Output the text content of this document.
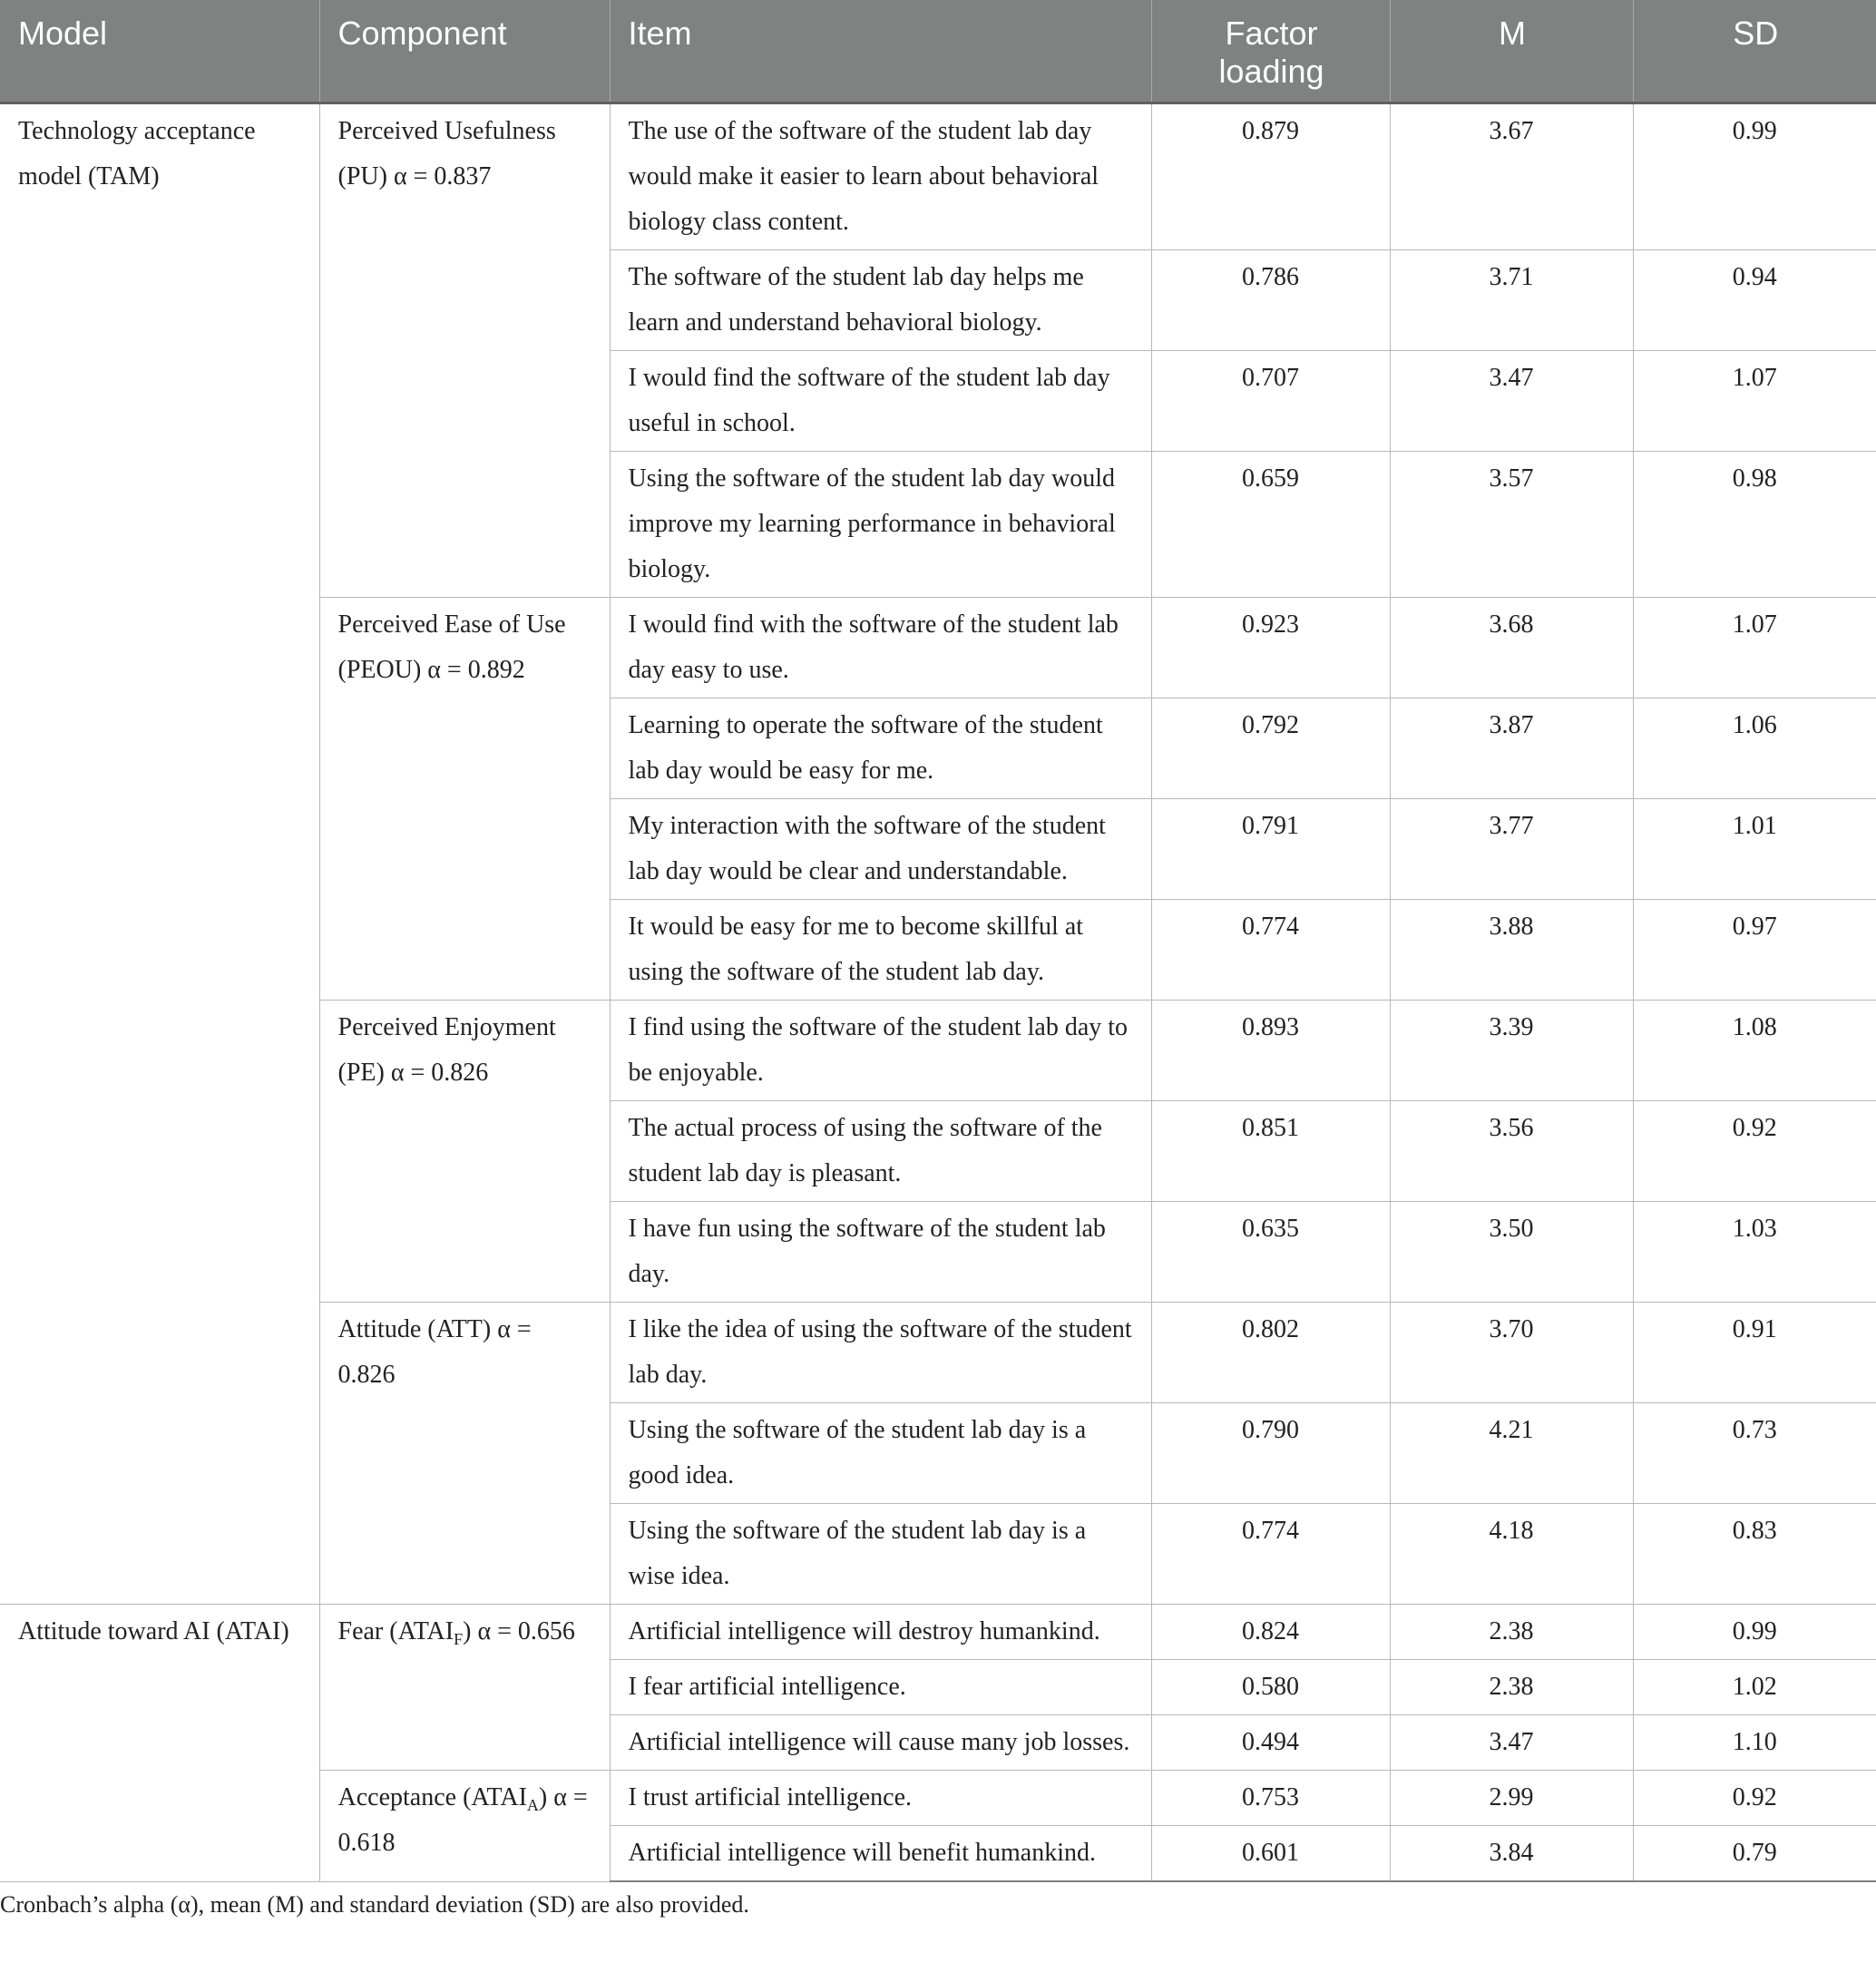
Model	Component	Item	Factor loading	M	SD
Technology acceptance model (TAM)	Perceived Usefulness (PU) α = 0.837	The use of the software of the student lab day would make it easier to learn about behavioral biology class content.	0.879	3.67	0.99
		The software of the student lab day helps me learn and understand behavioral biology.	0.786	3.71	0.94
		I would find the software of the student lab day useful in school.	0.707	3.47	1.07
		Using the software of the student lab day would improve my learning performance in behavioral biology.	0.659	3.57	0.98
	Perceived Ease of Use (PEOU) α = 0.892	I would find with the software of the student lab day easy to use.	0.923	3.68	1.07
		Learning to operate the software of the student lab day would be easy for me.	0.792	3.87	1.06
		My interaction with the software of the student lab day would be clear and understandable.	0.791	3.77	1.01
		It would be easy for me to become skillful at using the software of the student lab day.	0.774	3.88	0.97
	Perceived Enjoyment (PE) α = 0.826	I find using the software of the student lab day to be enjoyable.	0.893	3.39	1.08
		The actual process of using the software of the student lab day is pleasant.	0.851	3.56	0.92
		I have fun using the software of the student lab day.	0.635	3.50	1.03
	Attitude (ATT) α = 0.826	I like the idea of using the software of the student lab day.	0.802	3.70	0.91
		Using the software of the student lab day is a good idea.	0.790	4.21	0.73
		Using the software of the student lab day is a wise idea.	0.774	4.18	0.83
Attitude toward AI (ATAI)	Fear $(ATAI_F) \alpha = 0.656$	Artificial intelligence will destroy humankind.	0.824	2.38	0.99
		I fear artificial intelligence.	0.580	2.38	1.02
		Artificial intelligence will cause many job losses.	0.494	3.47	1.10
	Acceptance $(ATAI_A) \alpha = 0.618$	I trust artificial intelligence.	0.753	2.99	0.92
		Artificial intelligence will benefit humankind.	0.601	3.84	0.79
Cronbach’s alpha (α), mean (M) and standard deviation (SD) are also provided.
